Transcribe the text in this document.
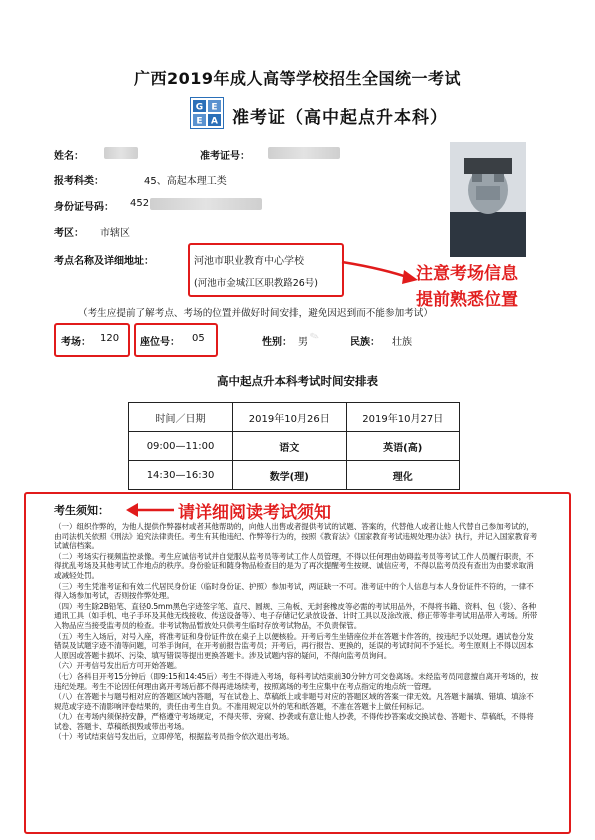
广西2019年成人高等学校招生全国统一考试
G E
E A 准考证（高中起点升本科）
姓名：	准考证号：
报考科类：	45、高起本理工类
身份证号码： 452
考区： 市辖区
考点名称及详细地址：	河池市职业教育中心学校
(河池市金城江区职教路26号)	注意考场信息
提前熟悉位置
（考生应提前了解考点、考场的位置并做好时间安排，避免因迟到而不能参加考试）
考场： 120 座位号： 05	性别： 男	民族： 壮族
✎
高中起点升本科考试时间安排表
时间／日期	2019年10月26日	2019年10月27日
09:00—11:00	语文	英语(高)
14:30—16:30	数学(理)	理化
考生须知：	请详细阅读考试须知

（一）组织作弊的，为他人提供作弊器材或者其他帮助的，向他人出售或者提供考试的试题、答案的，代替他人或者让他人代替自己参加考试的，由司法机关依照《刑法》追究法律责任。考生有其他违纪、作弊等行为的，按照《教育法》《国家教育考试违规处理办法》执行，并记入国家教育考试诚信档案。

（二）考场实行视频监控录像。考生应诚信考试并自觉服从监考员等考试工作人员管理，不得以任何理由妨碍监考员等考试工作人员履行职责，不得扰乱考场及其他考试工作地点的秩序。身份验证和随身物品检查目的是为了再次提醒考生按规、诚信应考，不得以监考员没有查出为由要求取消或减轻处罚。

（三）考生凭准考证和有效二代居民身份证（临时身份证、护照）参加考试，两证缺一不可。准考证中的个人信息与本人身份证件不符的，一律不得入场参加考试，否则按作弊处理。

（四）考生除2B铅笔、直径0.5mm黑色字迹签字笔、直尺、圆规、三角板、无封套橡皮等必需的考试用品外，不得将书籍、资料、包（袋）、各种通讯工具（如手机、电子手环及其他无线接收、传送设备等）、电子存储记忆录放设备、计时工具以及涂改液、修正带等非考试用品带入考场。所带入物品应当接受监考员的检查。非考试物品暂放处只供考生临时存放考试物品，不负责保管。

（五）考生入场后，对号入座，将准考证和身份证件放在桌子上以便核验。开考后考生坐错座位并在答题卡作答的，按违纪予以处理。遇试卷分发错误及试题字迹不清等问题，可举手询问，在开考前报告监考员；开考后，再行报告、更换的，延误的考试时间不予延长。考生原则上不得以因本人原因或答题卡损坏、污染、填写错误等提出更换答题卡。涉及试题内容的疑问，不得向监考员询问。

（六）开考信号发出后方可开始答题。

（七）各科目开考15分钟后（即9:15和14:45后）考生不得进入考场，每科考试结束前30分钟方可交卷离场。未经监考员同意擅自离开考场的，按违纪处理。考生不论因任何理由离开考场后都不得再进场续考，按照离场的考生应集中在考点指定的地点统一管理。

（八）在答题卡与题号相对应的答题区域内答题，写在试卷上、草稿纸上或非题号对应的答题区域的答案一律无效。凡答题卡漏填、错填、填涂不规范或字迹不清影响评卷结果的，责任由考生自负。不准用规定以外的笔和纸答题，不准在答题卡上做任何标记。

（九）在考场内须保持安静，严格遵守考场规定，不得夹带、旁窥、抄袭或有意让他人抄袭，不得传抄答案或交换试卷、答题卡、草稿纸，不得将试卷、答题卡、草稿纸损毁或带出考场。

（十）考试结束信号发出后，立即停笔，根据监考员指令依次退出考场。
